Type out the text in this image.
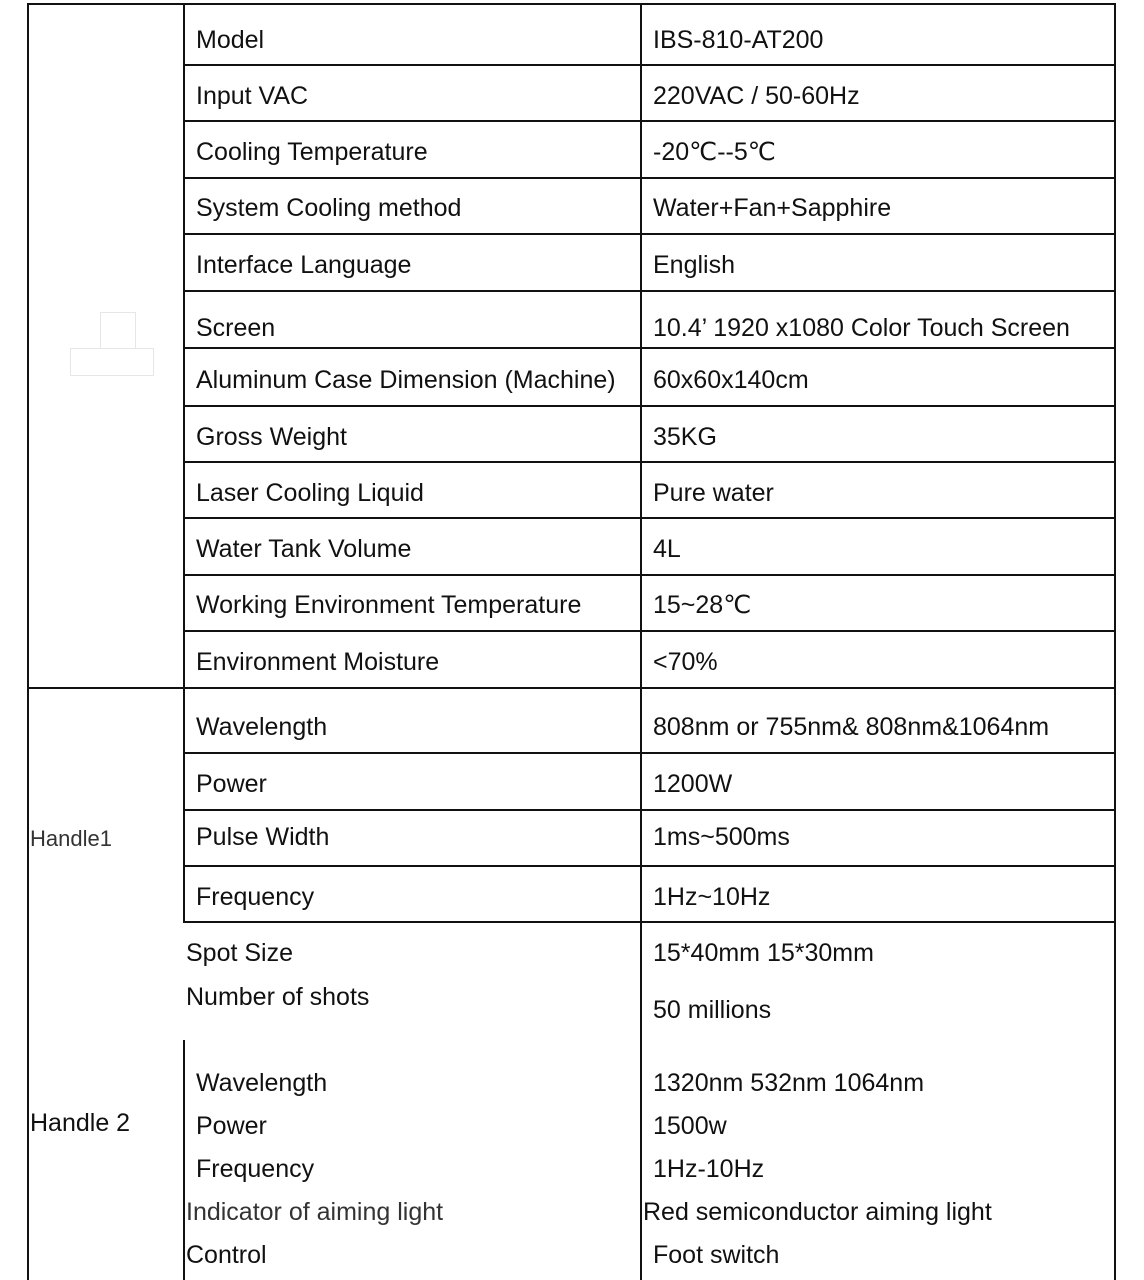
Model	IBS-810-AT200
Input VAC	220VAC / 50-60Hz
Cooling Temperature	-20℃--5℃
System Cooling method	Water+Fan+Sapphire
Interface Language	English
Screen	10.4’ 1920 x1080 Color Touch Screen
Aluminum Case Dimension (Machine) 60x60x140cm
Gross Weight	35KG
Laser Cooling Liquid	Pure water
Water Tank Volume	4L
Working Environment Temperature	15~28℃
Environment Moisture	<70%
Handle1
Wavelength	808nm or 755nm& 808nm&1064nm
Power	1200W
Pulse Width	1ms~500ms
Frequency	1Hz~10Hz
Spot Size	15*40mm 15*30mm
Number of shots	50 millions
Handle 2
Wavelength	1320nm 532nm 1064nm
Power	1500w
Frequency	1Hz-10Hz
Indicator of aiming light	Red semiconductor aiming light
Control	Foot switch
